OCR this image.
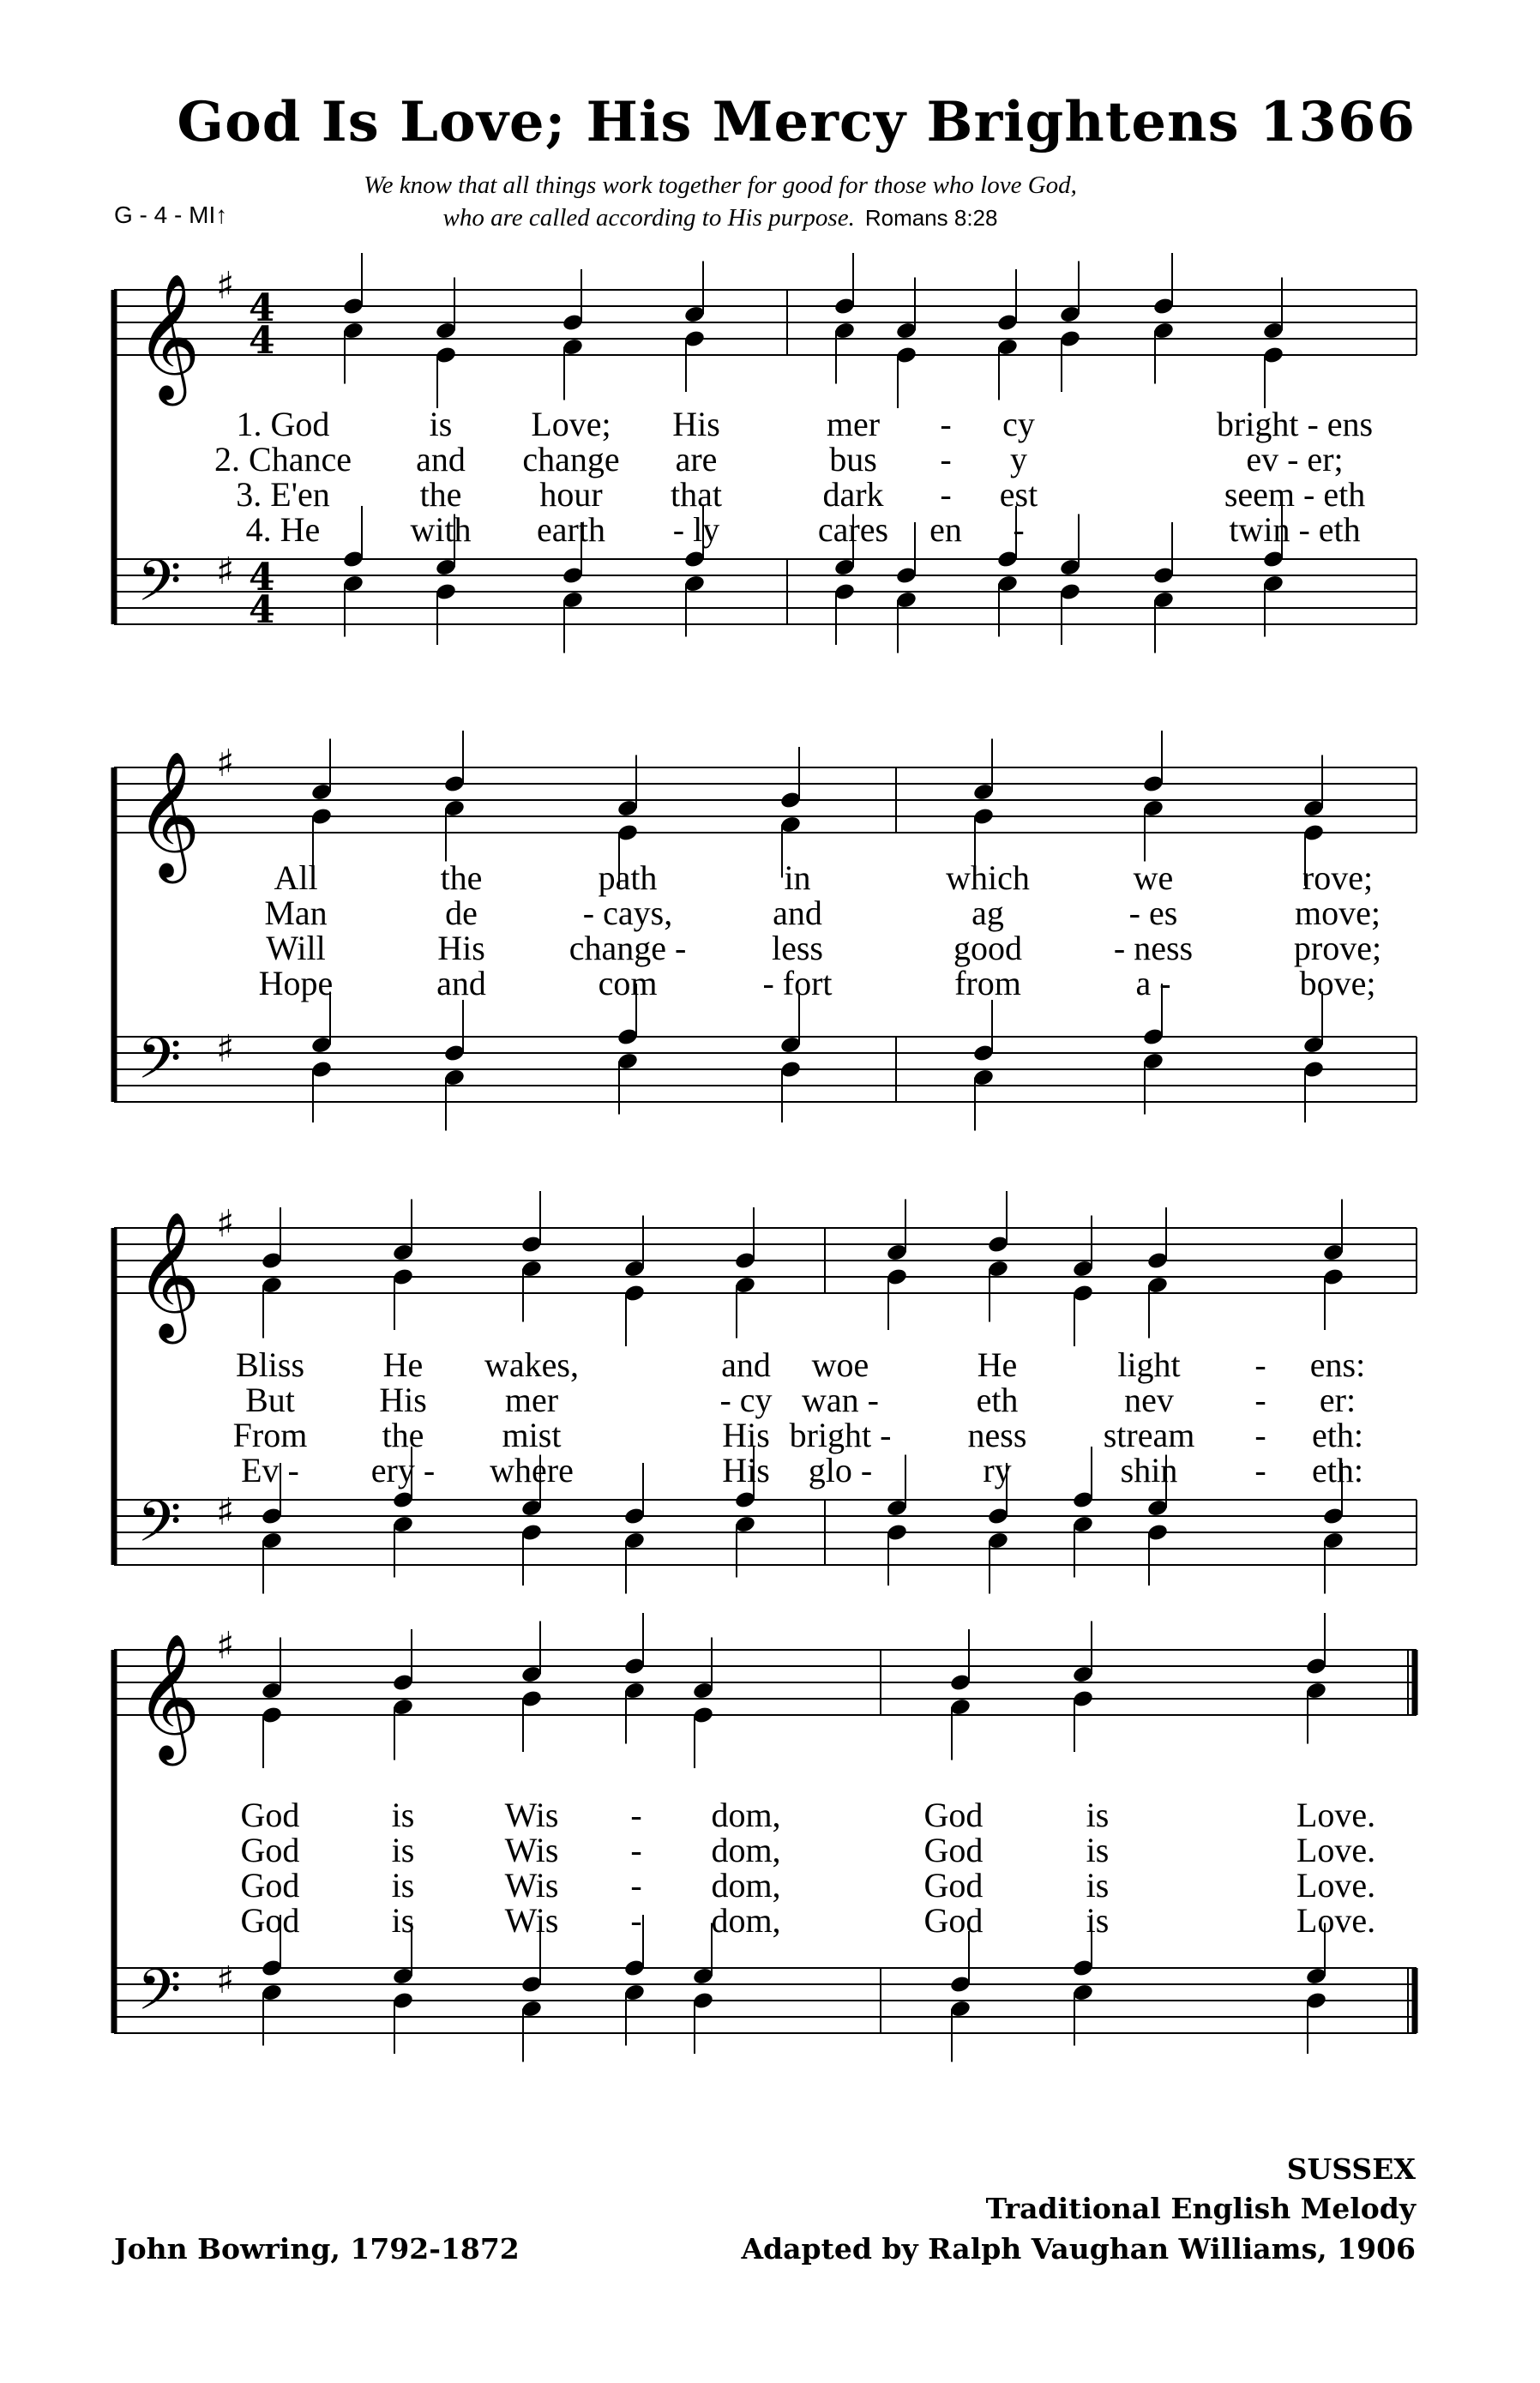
God Is Love; His Mercy Brightens 1366
We know that all things work together for good for those who love God,
who are called according to His purpose. Romans 8:28
G - 4 - MI↑
𝄞
𝄢
♯
♯
4
4
4
4
1. God	is Love; His	mer - cy	bright - ens
2. Chance and change are	bus - y	ev - er;
3. E'en	the hour that	dark - est	seem - eth
4. He	with earth - ly	cares en -	twin - eth
𝄞
𝄢
♯
♯
All	the	path	in	which	we	rove;
Man	de	- cays,	and	ag	- es	move;
Will	His change - less	good	- ness	prove;
Hope	and	com	- fort	from	a -	bove;
𝄞
𝄢
♯
♯
Bliss He wakes,	and woe	He	light - ens:
But His mer	- cy wan -	eth	nev - er:
From the mist	His bright - ness stream - eth:
Ev - ery - where	His glo -	ry	shin - eth:
𝄞
𝄢
♯
♯
God	is	Wis - dom,	God	is	Love.
God	is	Wis - dom,	God	is	Love.
God	is	Wis - dom,	God	is	Love.
God	is	Wis - dom,	God	is	Love.
SUSSEX
Traditional English Melody
Adapted by Ralph Vaughan Williams, 1906
John Bowring, 1792-1872
